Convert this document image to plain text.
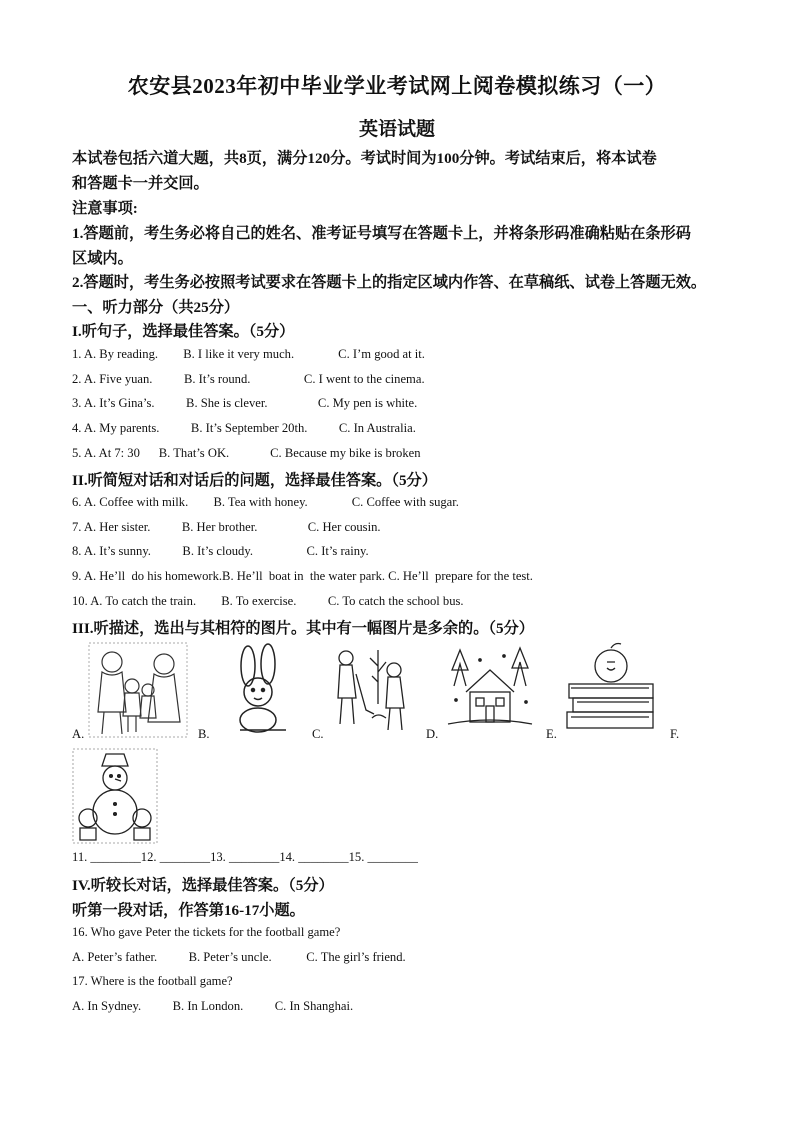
农安县2023年初中毕业学业考试网上阅卷模拟练习（一）
英语试题
本试卷包括六道大题，共8页，满分120分。考试时间为100分钟。考试结束后，将本试卷
和答题卡一并交回。
注意事项:
1.答题前，考生务必将自己的姓名、准考证号填写在答题卡上，并将条形码准确粘贴在条形码
区域内。
2.答题时，考生务必按照考试要求在答题卡上的指定区域内作答、在草稿纸、试卷上答题无效。
一、听力部分（共25分）
I.听句子，选择最佳答案。（5分）
1. A. By reading.        B. I like it very much.              C. I’m good at it.
2. A. Five yuan.          B. It’s round.                 C. I went to the cinema.
3. A. It’s Gina’s.          B. She is clever.                C. My pen is white.
4. A. My parents.          B. It’s September 20th.          C. In Australia.
5. A. At 7: 30      B. That’s OK.             C. Because my bike is broken
II.听简短对话和对话后的问题，选择最佳答案。（5分）
6. A. Coffee with milk.        B. Tea with honey.              C. Coffee with sugar.
7. A. Her sister.          B. Her brother.                C. Her cousin.
8. A. It’s sunny.          B. It’s cloudy.                 C. It’s rainy.
9. A. He’ll  do his homework.B. He’ll  boat in  the water park. C. He’ll  prepare for the test.
10. A. To catch the train.        B. To exercise.          C. To catch the school bus.
III.听描述，选出与其相符的图片。其中有一幅图片是多余的。（5分）
A.	B.	C.	D.	E.	F.
11. ________12. ________13. ________14. ________15. ________
IV.听较长对话，选择最佳答案。（5分）
听第一段对话，作答第16-17小题。
16. Who gave Peter the tickets for the football game?
A. Peter’s father.          B. Peter’s uncle.           C. The girl’s friend.
17. Where is the football game?
A. In Sydney.          B. In London.          C. In Shanghai.
